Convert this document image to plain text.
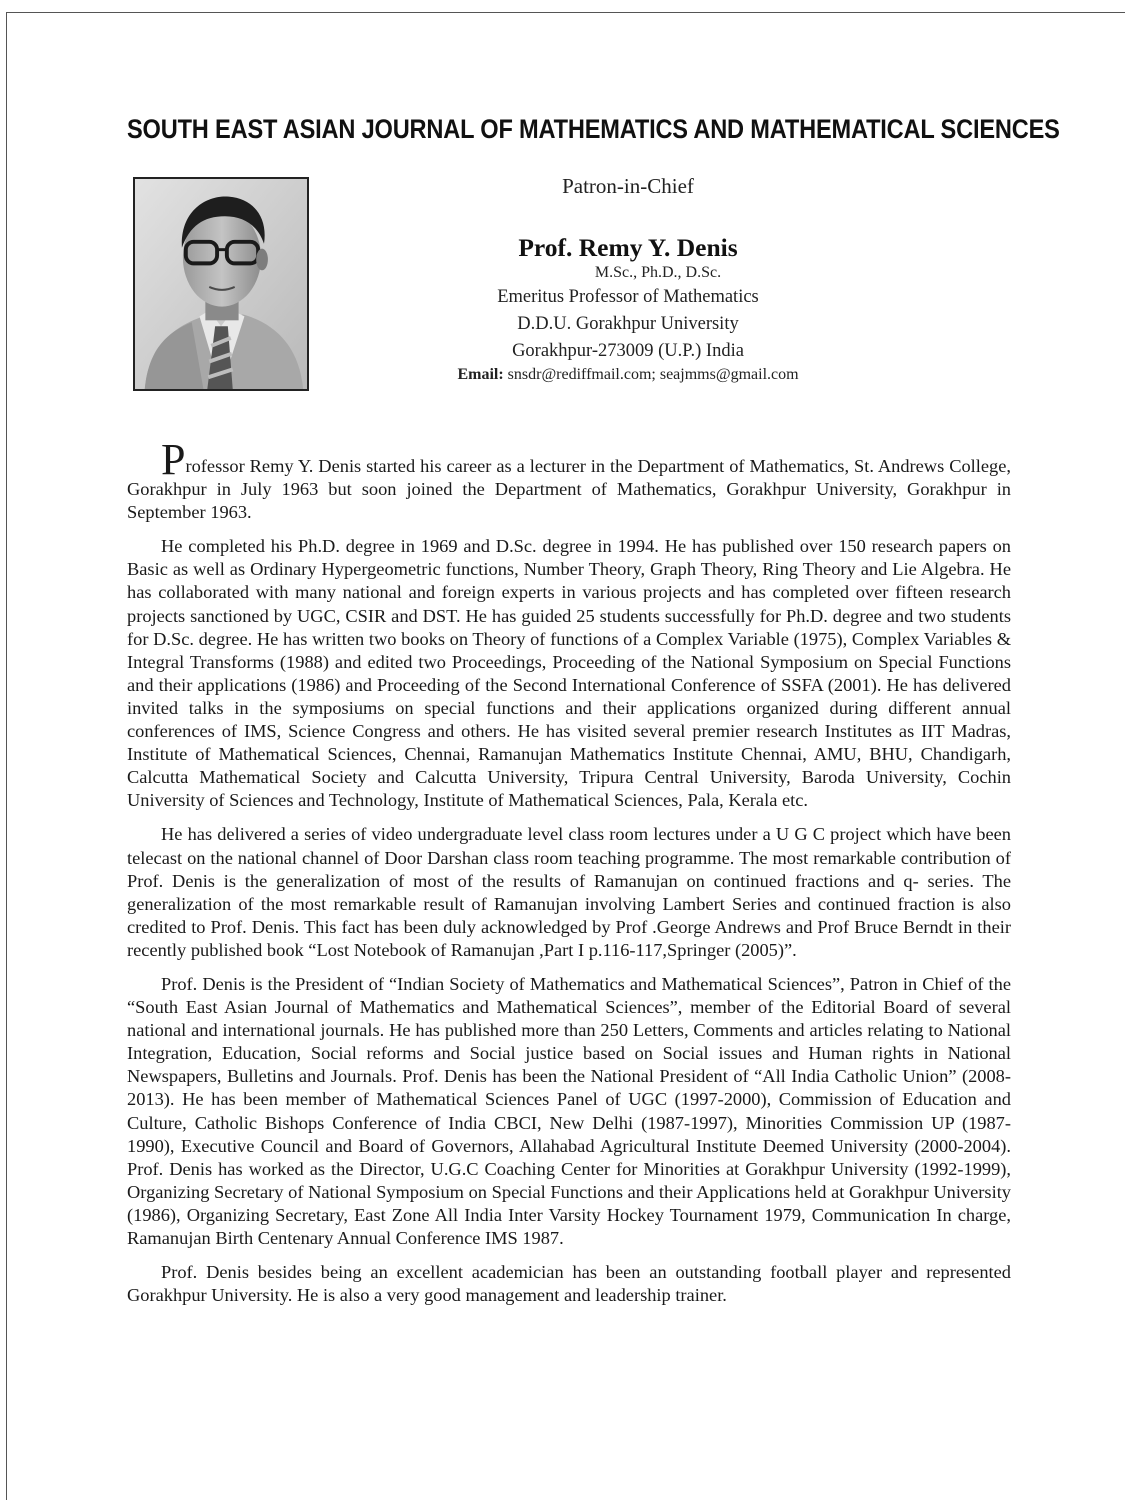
SOUTH EAST ASIAN JOURNAL OF MATHEMATICS AND MATHEMATICAL SCIENCES

Patron-in-Chief

Prof. Remy Y. Denis

M.Sc., Ph.D., D.Sc.

Emeritus Professor of Mathematics

D.D.U. Gorakhpur University

Gorakhpur-273009 (U.P.) India

Email: snsdr@rediffmail.com; seajmms@gmail.com

Professor Remy Y. Denis started his career as a lecturer in the Department of Mathematics, St. Andrews College, Gorakhpur in July 1963 but soon joined the Department of Mathematics, Gorakhpur University, Gorakhpur in September 1963.

He completed his Ph.D. degree in 1969 and D.Sc. degree in 1994. He has published over 150 research papers on Basic as well as Ordinary Hypergeometric functions, Number Theory, Graph Theory, Ring Theory and Lie Algebra. He has collaborated with many national and foreign experts in various projects and has completed over fifteen research projects sanctioned by UGC, CSIR and DST. He has guided 25 students successfully for Ph.D. degree and two students for D.Sc. degree. He has written two books on Theory of functions of a Complex Variable (1975), Complex Variables & Integral Transforms (1988) and edited two Proceedings, Proceeding of the National Symposium on Special Functions and their applications (1986) and Proceeding of the Second International Conference of SSFA (2001). He has delivered invited talks in the symposiums on special functions and their applications organized during different annual conferences of IMS, Science Congress and others. He has visited several premier research Institutes as IIT Madras, Institute of Mathematical Sciences, Chennai, Ramanujan Mathematics Institute Chennai, AMU, BHU, Chandigarh, Calcutta Mathematical Society and Calcutta University, Tripura Central University, Baroda University, Cochin University of Sciences and Technology, Institute of Mathematical Sciences, Pala, Kerala etc.

He has delivered a series of video undergraduate level class room lectures under a U G C project which have been telecast on the national channel of Door Darshan class room teaching programme. The most remarkable contribution of Prof. Denis is the generalization of most of the results of Ramanujan on continued fractions and q- series. The generalization of the most remarkable result of Ramanujan involving Lambert Series and continued fraction is also credited to Prof. Denis. This fact has been duly acknowledged by Prof .George Andrews and Prof Bruce Berndt in their recently published book “Lost Notebook of Ramanujan ,Part I p.116-117,Springer (2005)”.

Prof. Denis is the President of “Indian Society of Mathematics and Mathematical Sciences”, Patron in Chief of the “South East Asian Journal of Mathematics and Mathematical Sciences”, member of the Editorial Board of several national and international journals. He has published more than 250 Letters, Comments and articles relating to National Integration, Education, Social reforms and Social justice based on Social issues and Human rights in National Newspapers, Bulletins and Journals. Prof. Denis has been the National President of “All India Catholic Union” (2008-2013). He has been member of Mathematical Sciences Panel of UGC (1997-2000), Commission of Education and Culture, Catholic Bishops Conference of India CBCI, New Delhi (1987-1997), Minorities Commission UP (1987-1990), Executive Council and Board of Governors, Allahabad Agricultural Institute Deemed University (2000-2004). Prof. Denis has worked as the Director, U.G.C Coaching Center for Minorities at Gorakhpur University (1992-1999), Organizing Secretary of National Symposium on Special Functions and their Applications held at Gorakhpur University (1986), Organizing Secretary, East Zone All India Inter Varsity Hockey Tournament 1979, Communication In charge, Ramanujan Birth Centenary Annual Conference IMS 1987.

Prof. Denis besides being an excellent academician has been an outstanding football player and represented Gorakhpur University. He is also a very good management and leadership trainer.
